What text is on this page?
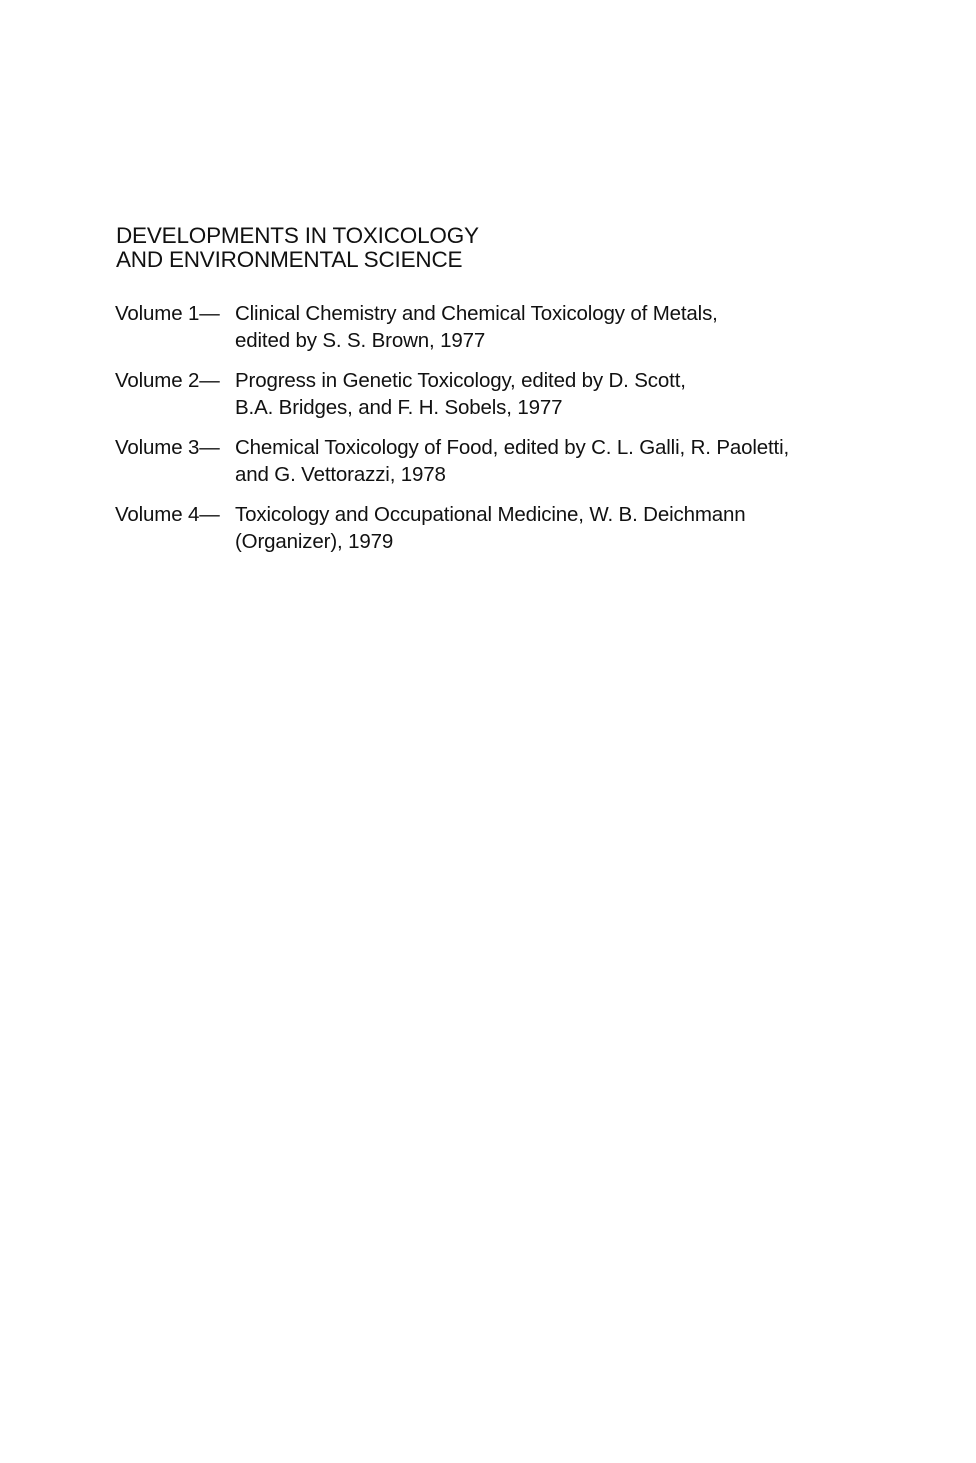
DEVELOPMENTS IN TOXICOLOGY
AND ENVIRONMENTAL SCIENCE
Volume 1— Clinical Chemistry and Chemical Toxicology of Metals,
edited by S. S. Brown, 1977
Volume 2— Progress in Genetic Toxicology, edited by D. Scott,
B.A. Bridges, and F. H. Sobels, 1977
Volume 3— Chemical Toxicology of Food, edited by C. L. Galli, R. Paoletti,
and G. Vettorazzi, 1978
Volume 4— Toxicology and Occupational Medicine, W. B. Deichmann
(Organizer), 1979
